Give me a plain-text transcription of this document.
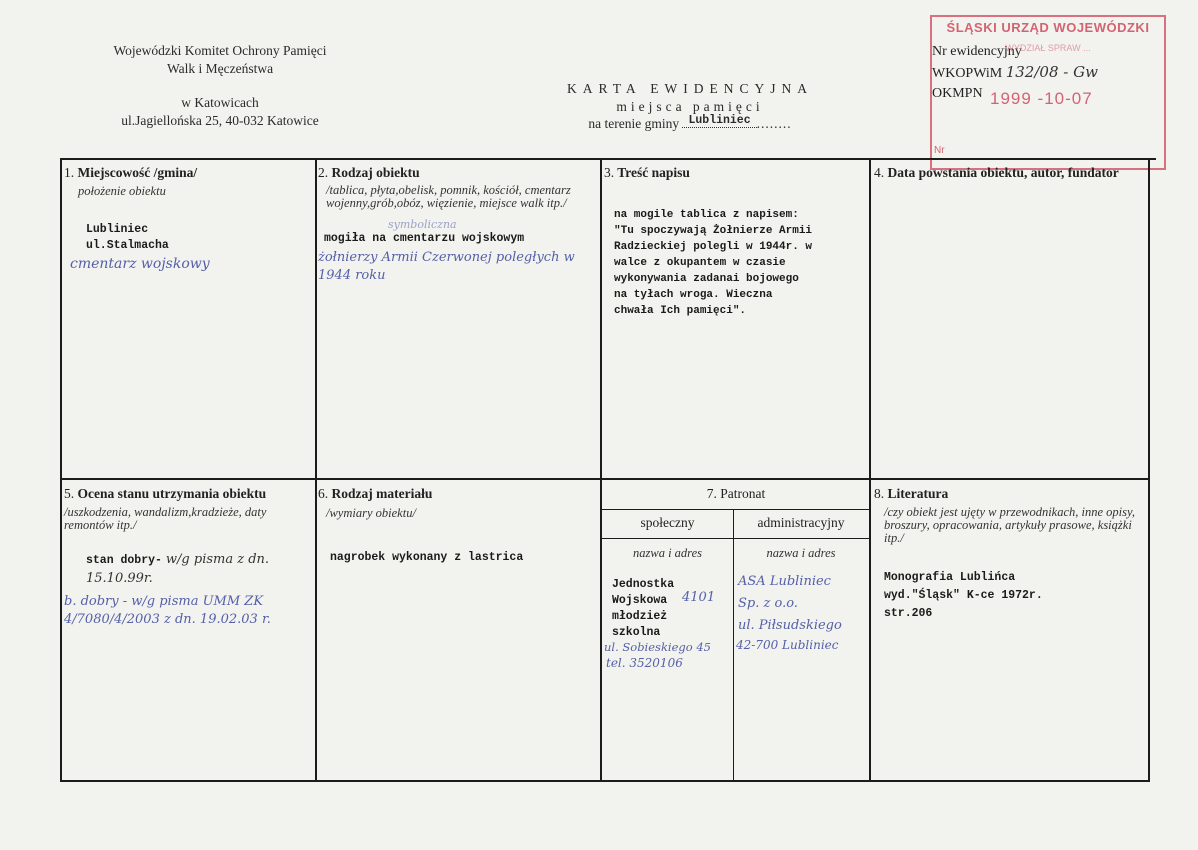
Wojewódzki Komitet Ochrony Pamięci
Walk i Męczeństwa
w Katowicach
ul.Jagiellońska 25, 40-032 Katowice
KARTA EWIDENCYJNA
miejsca pamięci
na terenie gminy Lubliniec ........
Nr ewidencyjny
WKOPWiM 132/08 - Gw
OKMPN
ŚLĄSKI URZĄD WOJEWÓDZKI
WYDZIAŁ SPRAW ...
1999 -10-07
Nr
1. Miejscowość /gmina/
położenie obiektu
Lubliniec
ul.Stalmacha
cmentarz wojskowy
2. Rodzaj obiektu
/tablica, płyta,obelisk, pomnik, kościół, cmentarz wojenny,grób,obóz, więzienie, miejsce walk itp./
symboliczna
mogiła na cmentarzu wojskowym
żołnierzy Armii Czerwonej poległych w 1944 roku
3. Treść napisu
na mogile tablica z napisem:
"Tu spoczywają Żołnierze Armii
Radzieckiej polegli w 1944r. w
walce z okupantem w czasie
wykonywania zadanai bojowego
na tyłach wroga. Wieczna
chwała Ich pamięci".
4. Data powstania obiektu, autor, fundator
5. Ocena stanu utrzymania obiektu
/uszkodzenia, wandalizm,kradzieże, daty remontów itp./
stan dobry- w/g pisma z dn. 15.10.99r.
b. dobry - w/g pisma UMM ZK 4/7080/4/2003 z dn. 19.02.03 r.
6. Rodzaj materiału
/wymiary obiektu/
nagrobek wykonany z lastrica
7. Patronat
społeczny	administracyjny
nazwa i adres	nazwa i adres
Jednostka
Wojskowa
młodzież
szkolna
4101
ul. Sobieskiego 45
tel. 3520106
ASA Lubliniec
Sp. z o.o.
ul. Piłsudskiego
42-700 Lubliniec
8. Literatura
/czy obiekt jest ujęty w przewodnikach, inne opisy, broszury, opracowania, artykuły prasowe, książki itp./
Monografia Lublińca
wyd."Śląsk" K-ce 1972r.
str.206
